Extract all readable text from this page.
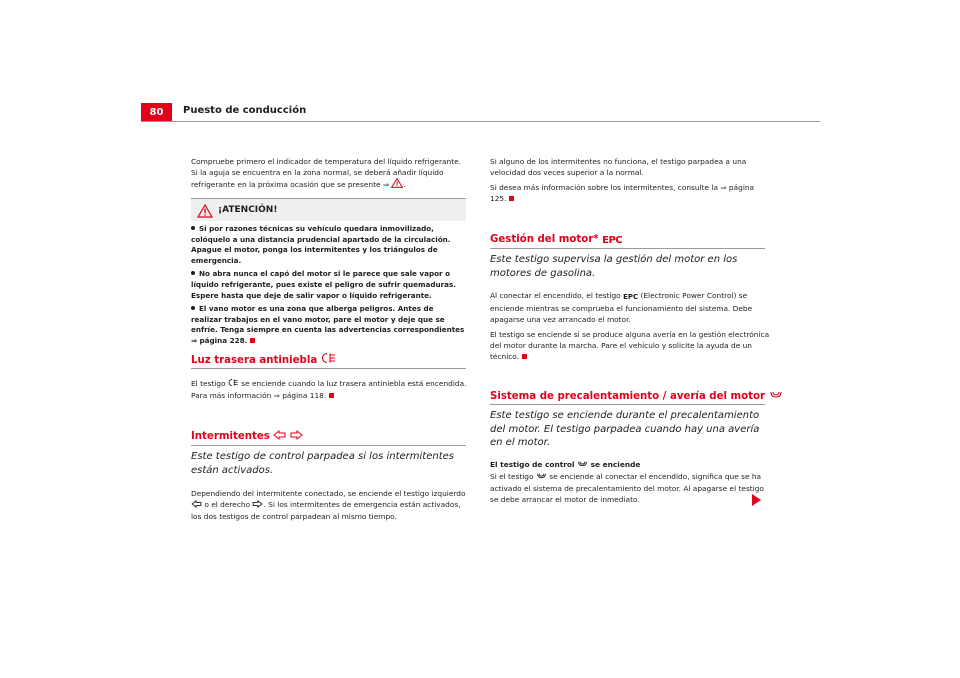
80	Puesto de conducción

Compruebe primero el indicador de temperatura del líquido refrigerante. Si la aguja se encuentra en la zona normal, se deberá añadir líquido refrigerante en la próxima ocasión que se presente ⇒ .

¡ATENCIÓN!
Si por razones técnicas su vehículo quedara inmovilizado, colóquelo a una distancia prudencial apartado de la circulación. Apague el motor, ponga los intermitentes y los triángulos de emergencia.
No abra nunca el capó del motor si le parece que sale vapor o líquido refrigerante, pues existe el peligro de sufrir quemaduras. Espere hasta que deje de salir vapor o líquido refrigerante.
El vano motor es una zona que alberga peligros. Antes de realizar trabajos en el vano motor, pare el motor y deje que se enfríe. Tenga siempre en cuenta las advertencias correspondientes ⇒ página 228.
Luz trasera antiniebla

El testigo se enciende cuando la luz trasera antiniebla está encendida. Para más información ⇒ página 118.

Intermitentes
Este testigo de control parpadea si los intermitentes están activados.

Dependiendo del intermitente conectado, se enciende el testigo izquierdo  o el derecho . Si los intermitentes de emergencia están activados, los dos testigos de control parpadean al mismo tiempo.

Si alguno de los intermitentes no funciona, el testigo parpadea a una velocidad dos veces superior a la normal.

Si desea más información sobre los intermitentes, consulte la ⇒ página 125.

Gestión del motor* EPC
Este testigo supervisa la gestión del motor en los motores de gasolina.

Al conectar el encendido, el testigo EPC (Electronic Power Control) se enciende mientras se comprueba el funcionamiento del sistema. Debe apagarse una vez arrancado el motor.

El testigo se enciende si se produce alguna avería en la gestión electrónica del motor durante la marcha. Pare el vehículo y solicite la ayuda de un técnico.

Sistema de precalentamiento / avería del motor
Este testigo se enciende durante el precalentamiento del motor. El testigo parpadea cuando hay una avería en el motor.

El testigo de control se enciende

Si el testigo se enciende al conectar el encendido, significa que se ha activado el sistema de precalentamiento del motor. Al apagarse el testigo se debe arrancar el motor de inmediato.
